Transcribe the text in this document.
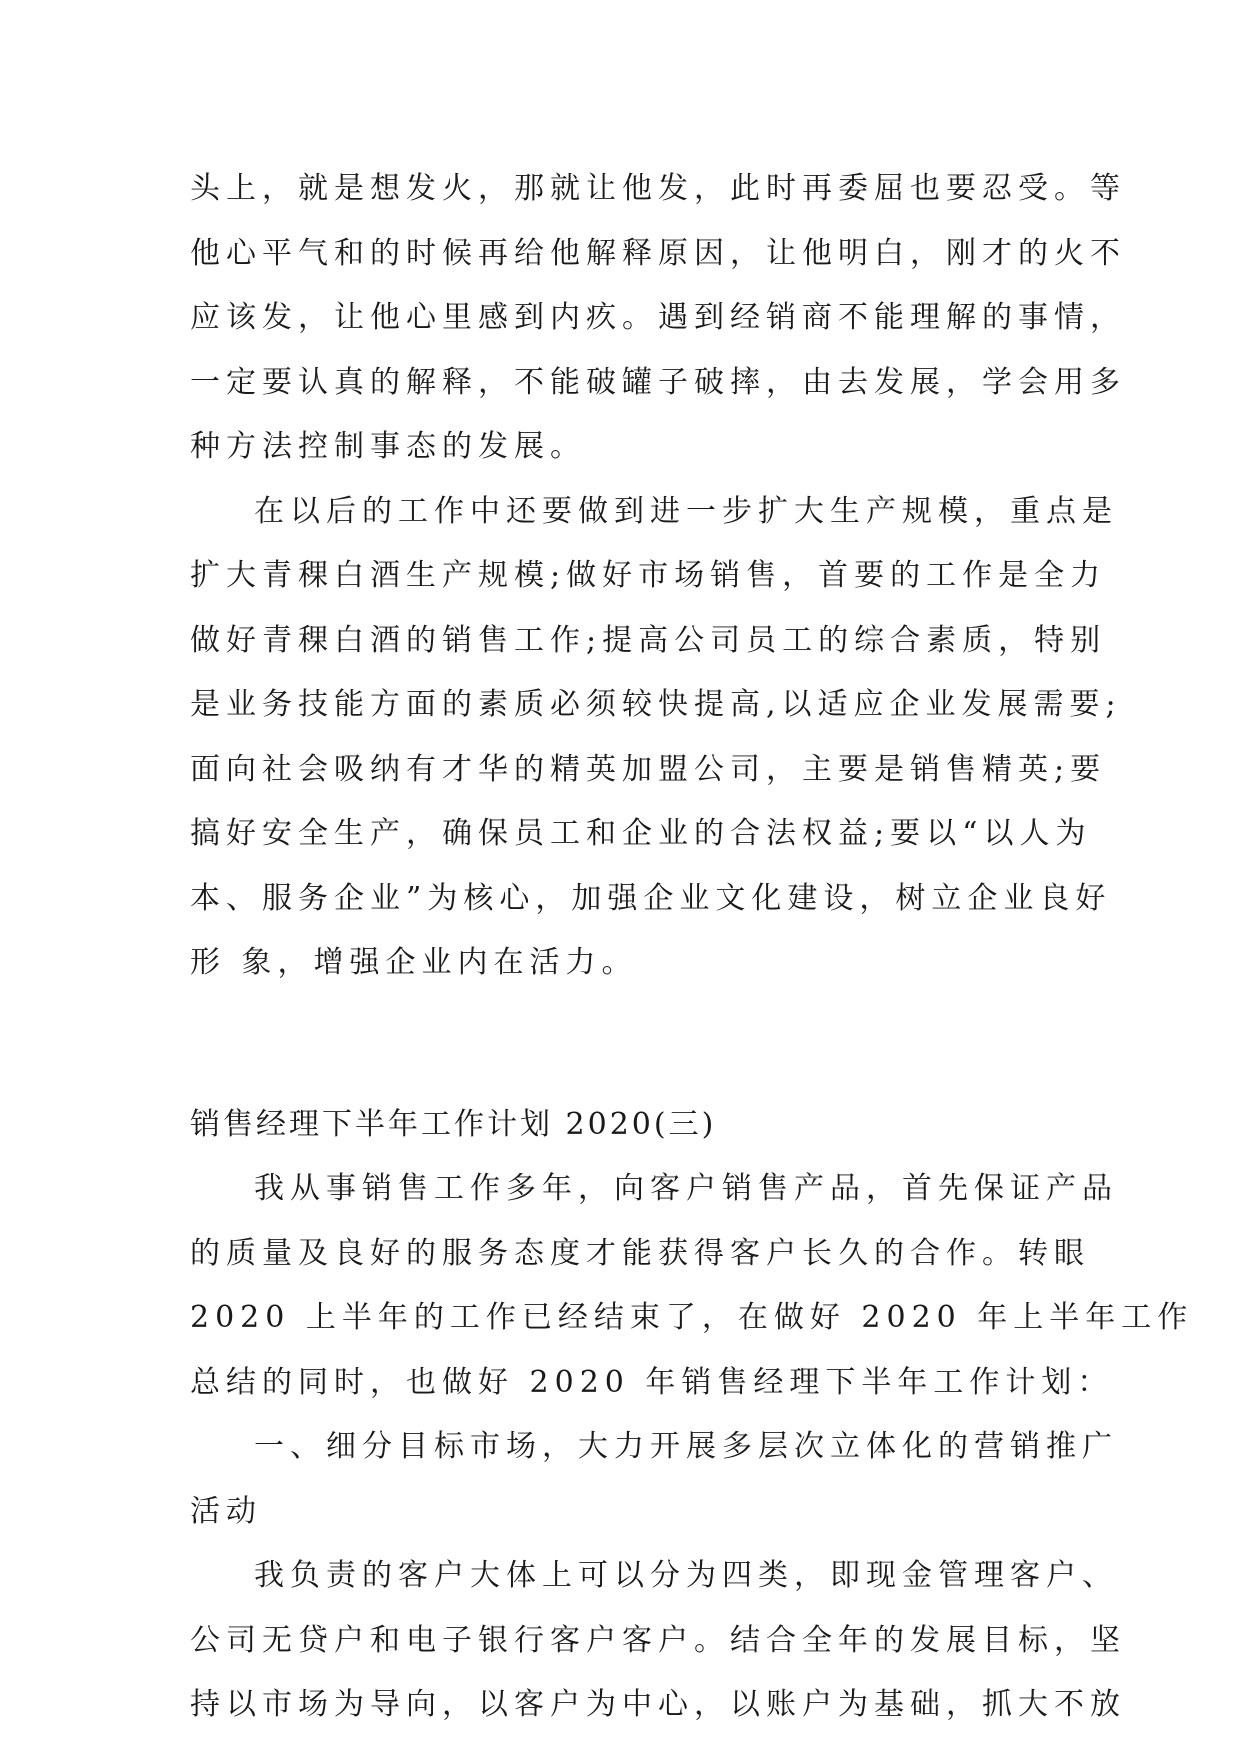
头上，就是想发火，那就让他发，此时再委屈也要忍受。等
他心平气和的时候再给他解释原因，让他明白，刚才的火不
应该发，让他心里感到内疚。遇到经销商不能理解的事情，
一定要认真的解释，不能破罐子破摔，由去发展，学会用多
种方法控制事态的发展。
在以后的工作中还要做到进一步扩大生产规模，重点是
扩大青稞白酒生产规模;做好市场销售，首要的工作是全力
做好青稞白酒的销售工作;提高公司员工的综合素质，特别
是业务技能方面的素质必须较快提高,以适应企业发展需要;
面向社会吸纳有才华的精英加盟公司，主要是销售精英;要
搞好安全生产，确保员工和企业的合法权益;要以“以人为
本、服务企业”为核心，加强企业文化建设，树立企业良好
形 象，增强企业内在活力。
销售经理下半年工作计划 2020(三)
我从事销售工作多年，向客户销售产品，首先保证产品
的质量及良好的服务态度才能获得客户长久的合作。转眼
2020 上半年的工作已经结束了，在做好 2020 年上半年工作
总结的同时，也做好 2020 年销售经理下半年工作计划：
一、细分目标市场，大力开展多层次立体化的营销推广
活动
我负责的客户大体上可以分为四类，即现金管理客户、
公司无贷户和电子银行客户客户。结合全年的发展目标，坚
持以市场为导向，以客户为中心，以账户为基础，抓大不放
